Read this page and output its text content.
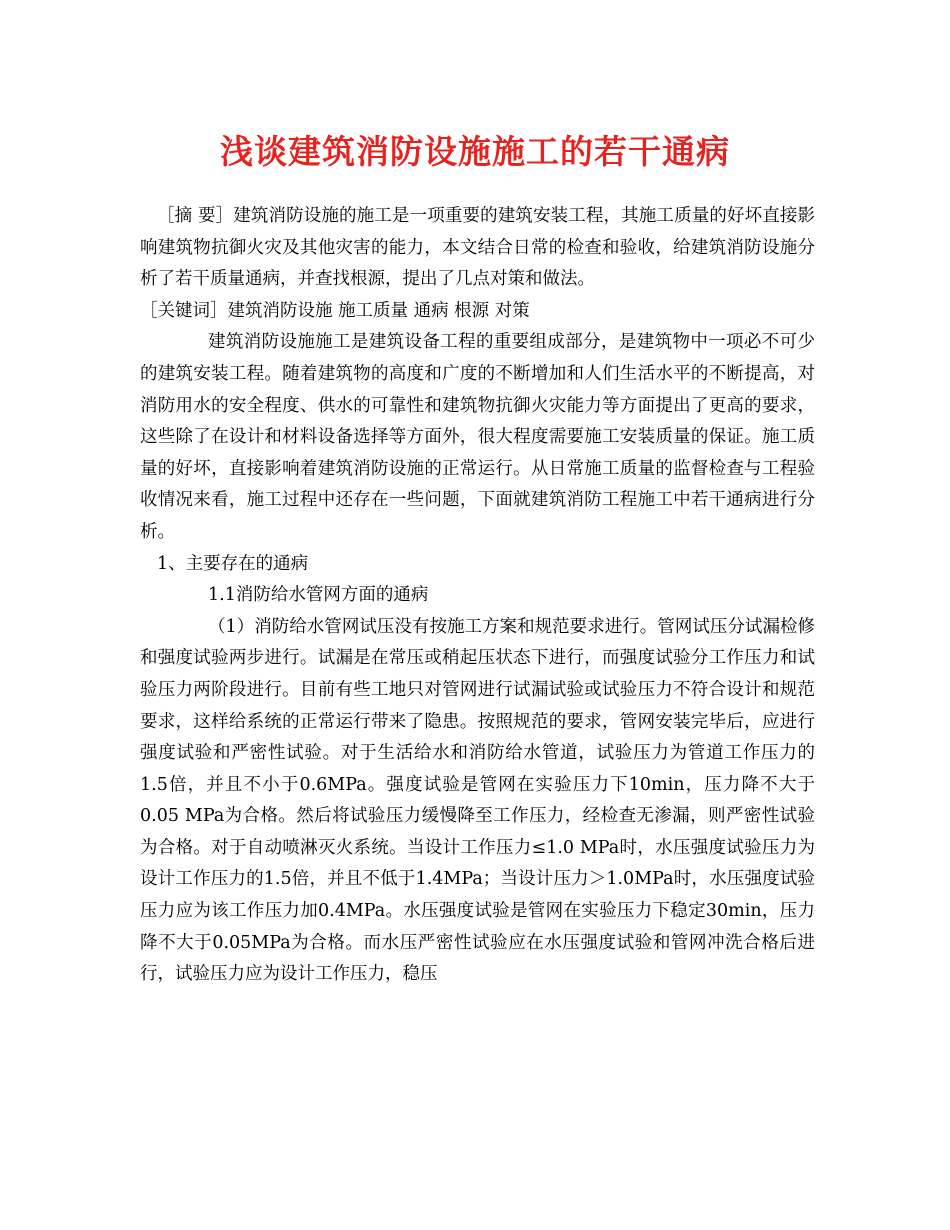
浅谈建筑消防设施施工的若干通病

［摘 要］建筑消防设施的施工是一项重要的建筑安装工程，其施工质量的好坏直接影响建筑物抗御火灾及其他灾害的能力，本文结合日常的检查和验收，给建筑消防设施分析了若干质量通病，并查找根源，提出了几点对策和做法。

［关键词］建筑消防设施 施工质量 通病 根源 对策

建筑消防设施施工是建筑设备工程的重要组成部分，是建筑物中一项必不可少的建筑安装工程。随着建筑物的高度和广度的不断增加和人们生活水平的不断提高，对消防用水的安全程度、供水的可靠性和建筑物抗御火灾能力等方面提出了更高的要求，这些除了在设计和材料设备选择等方面外，很大程度需要施工安装质量的保证。施工质量的好坏，直接影响着建筑消防设施的正常运行。从日常施工质量的监督检查与工程验收情况来看，施工过程中还存在一些问题，下面就建筑消防工程施工中若干通病进行分析。

1、主要存在的通病

1.1消防给水管网方面的通病

（1）消防给水管网试压没有按施工方案和规范要求进行。管网试压分试漏检修和强度试验两步进行。试漏是在常压或稍起压状态下进行，而强度试验分工作压力和试验压力两阶段进行。目前有些工地只对管网进行试漏试验或试验压力不符合设计和规范要求，这样给系统的正常运行带来了隐患。按照规范的要求，管网安装完毕后，应进行强度试验和严密性试验。对于生活给水和消防给水管道，试验压力为管道工作压力的1.5倍，并且不小于0.6MPa。强度试验是管网在实验压力下10min，压力降不大于0.05 MPa为合格。然后将试验压力缓慢降至工作压力，经检查无渗漏，则严密性试验为合格。对于自动喷淋灭火系统。当设计工作压力≤1.0 MPa时，水压强度试验压力为设计工作压力的1.5倍，并且不低于1.4MPa；当设计压力＞1.0MPa时，水压强度试验压力应为该工作压力加0.4MPa。水压强度试验是管网在实验压力下稳定30min，压力降不大于0.05MPa为合格。而水压严密性试验应在水压强度试验和管网冲洗合格后进行，试验压力应为设计工作压力，稳压
